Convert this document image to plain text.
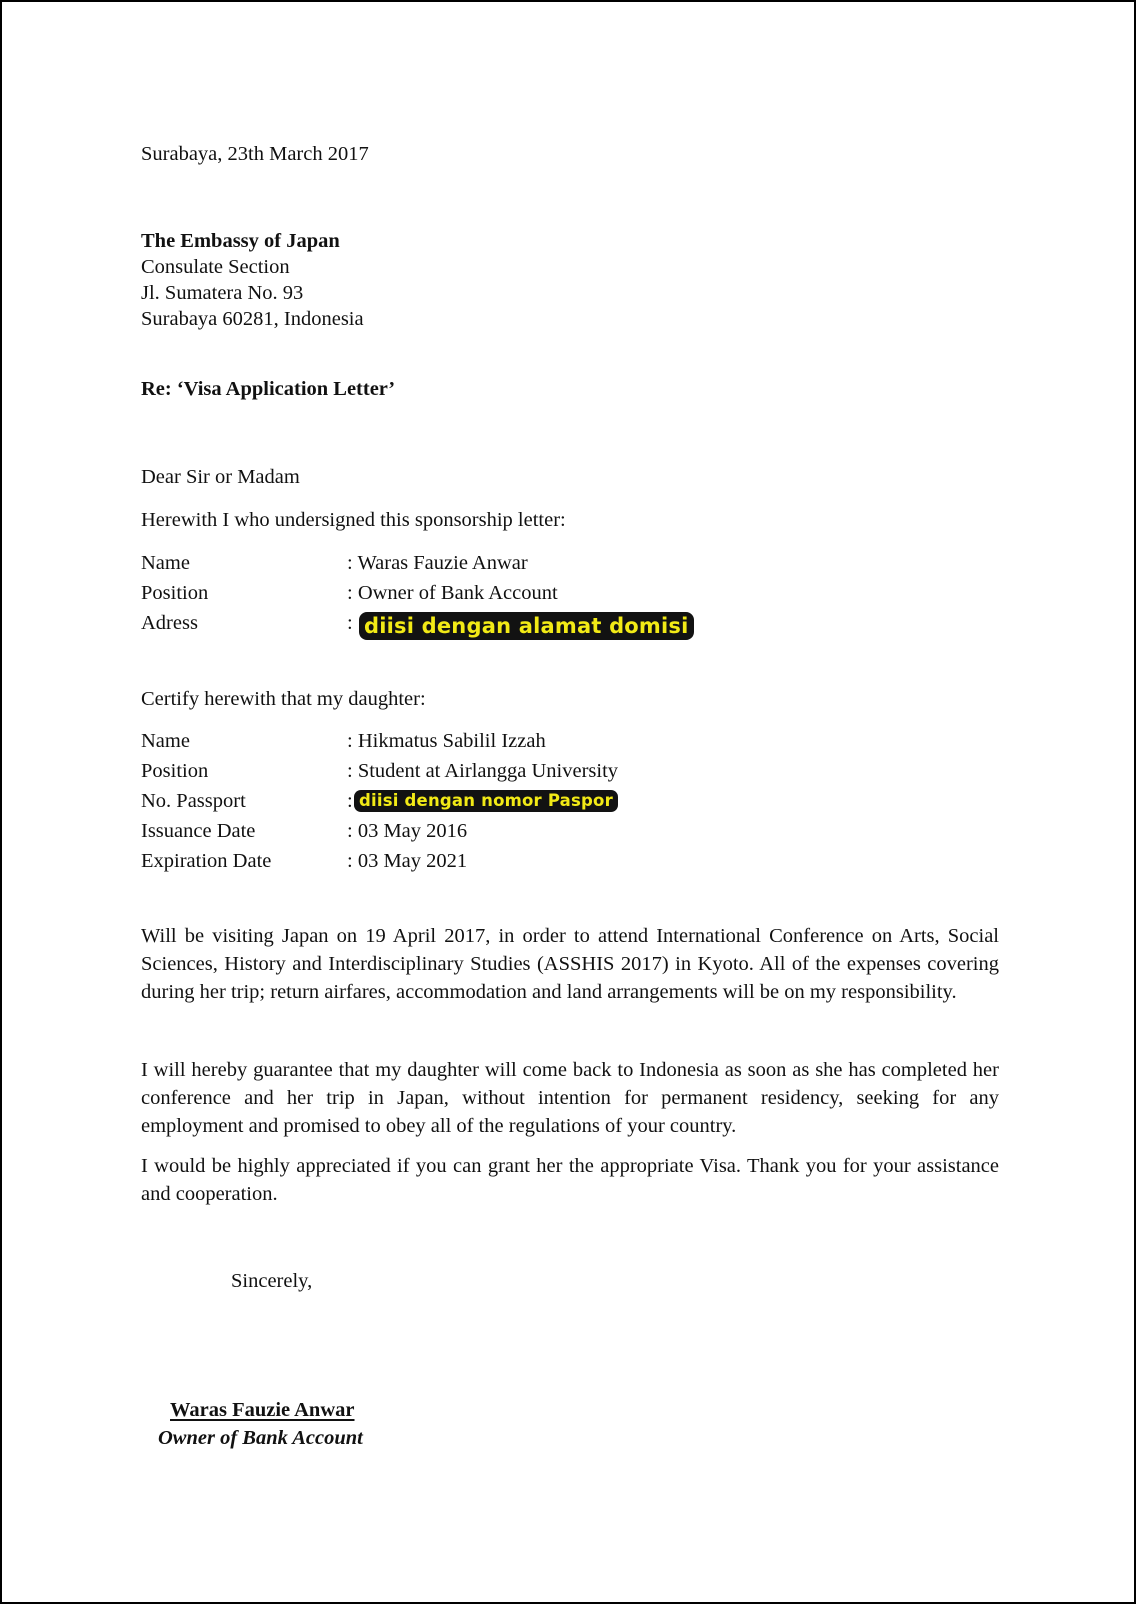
Surabaya, 23th March 2017
The Embassy of Japan
Consulate Section
Jl. Sumatera No. 93
Surabaya 60281, Indonesia
Re: ‘Visa Application Letter’
Dear Sir or Madam
Herewith I who undersigned this sponsorship letter:
Name	: Waras Fauzie Anwar
Position	: Owner of Bank Account
Adress	: diisi dengan alamat domisi
Certify herewith that my daughter:
Name	: Hikmatus Sabilil Izzah
Position	: Student at Airlangga University
No. Passport	: diisi dengan nomor Paspor
Issuance Date	: 03 May 2016
Expiration Date	: 03 May 2021
Will be visiting Japan on 19 April 2017, in order to attend International Conference on Arts, Social Sciences, History and Interdisciplinary Studies (ASSHIS 2017) in Kyoto. All of the expenses covering during her trip; return airfares, accommodation and land arrangements will be on my responsibility.
I will hereby guarantee that my daughter will come back to Indonesia as soon as she has completed her conference and her trip in Japan, without intention for permanent residency, seeking for any employment and promised to obey all of the regulations of your country.
I would be highly appreciated if you can grant her the appropriate Visa. Thank you for your assistance and cooperation.
Sincerely,
Waras Fauzie Anwar
Owner of Bank Account
